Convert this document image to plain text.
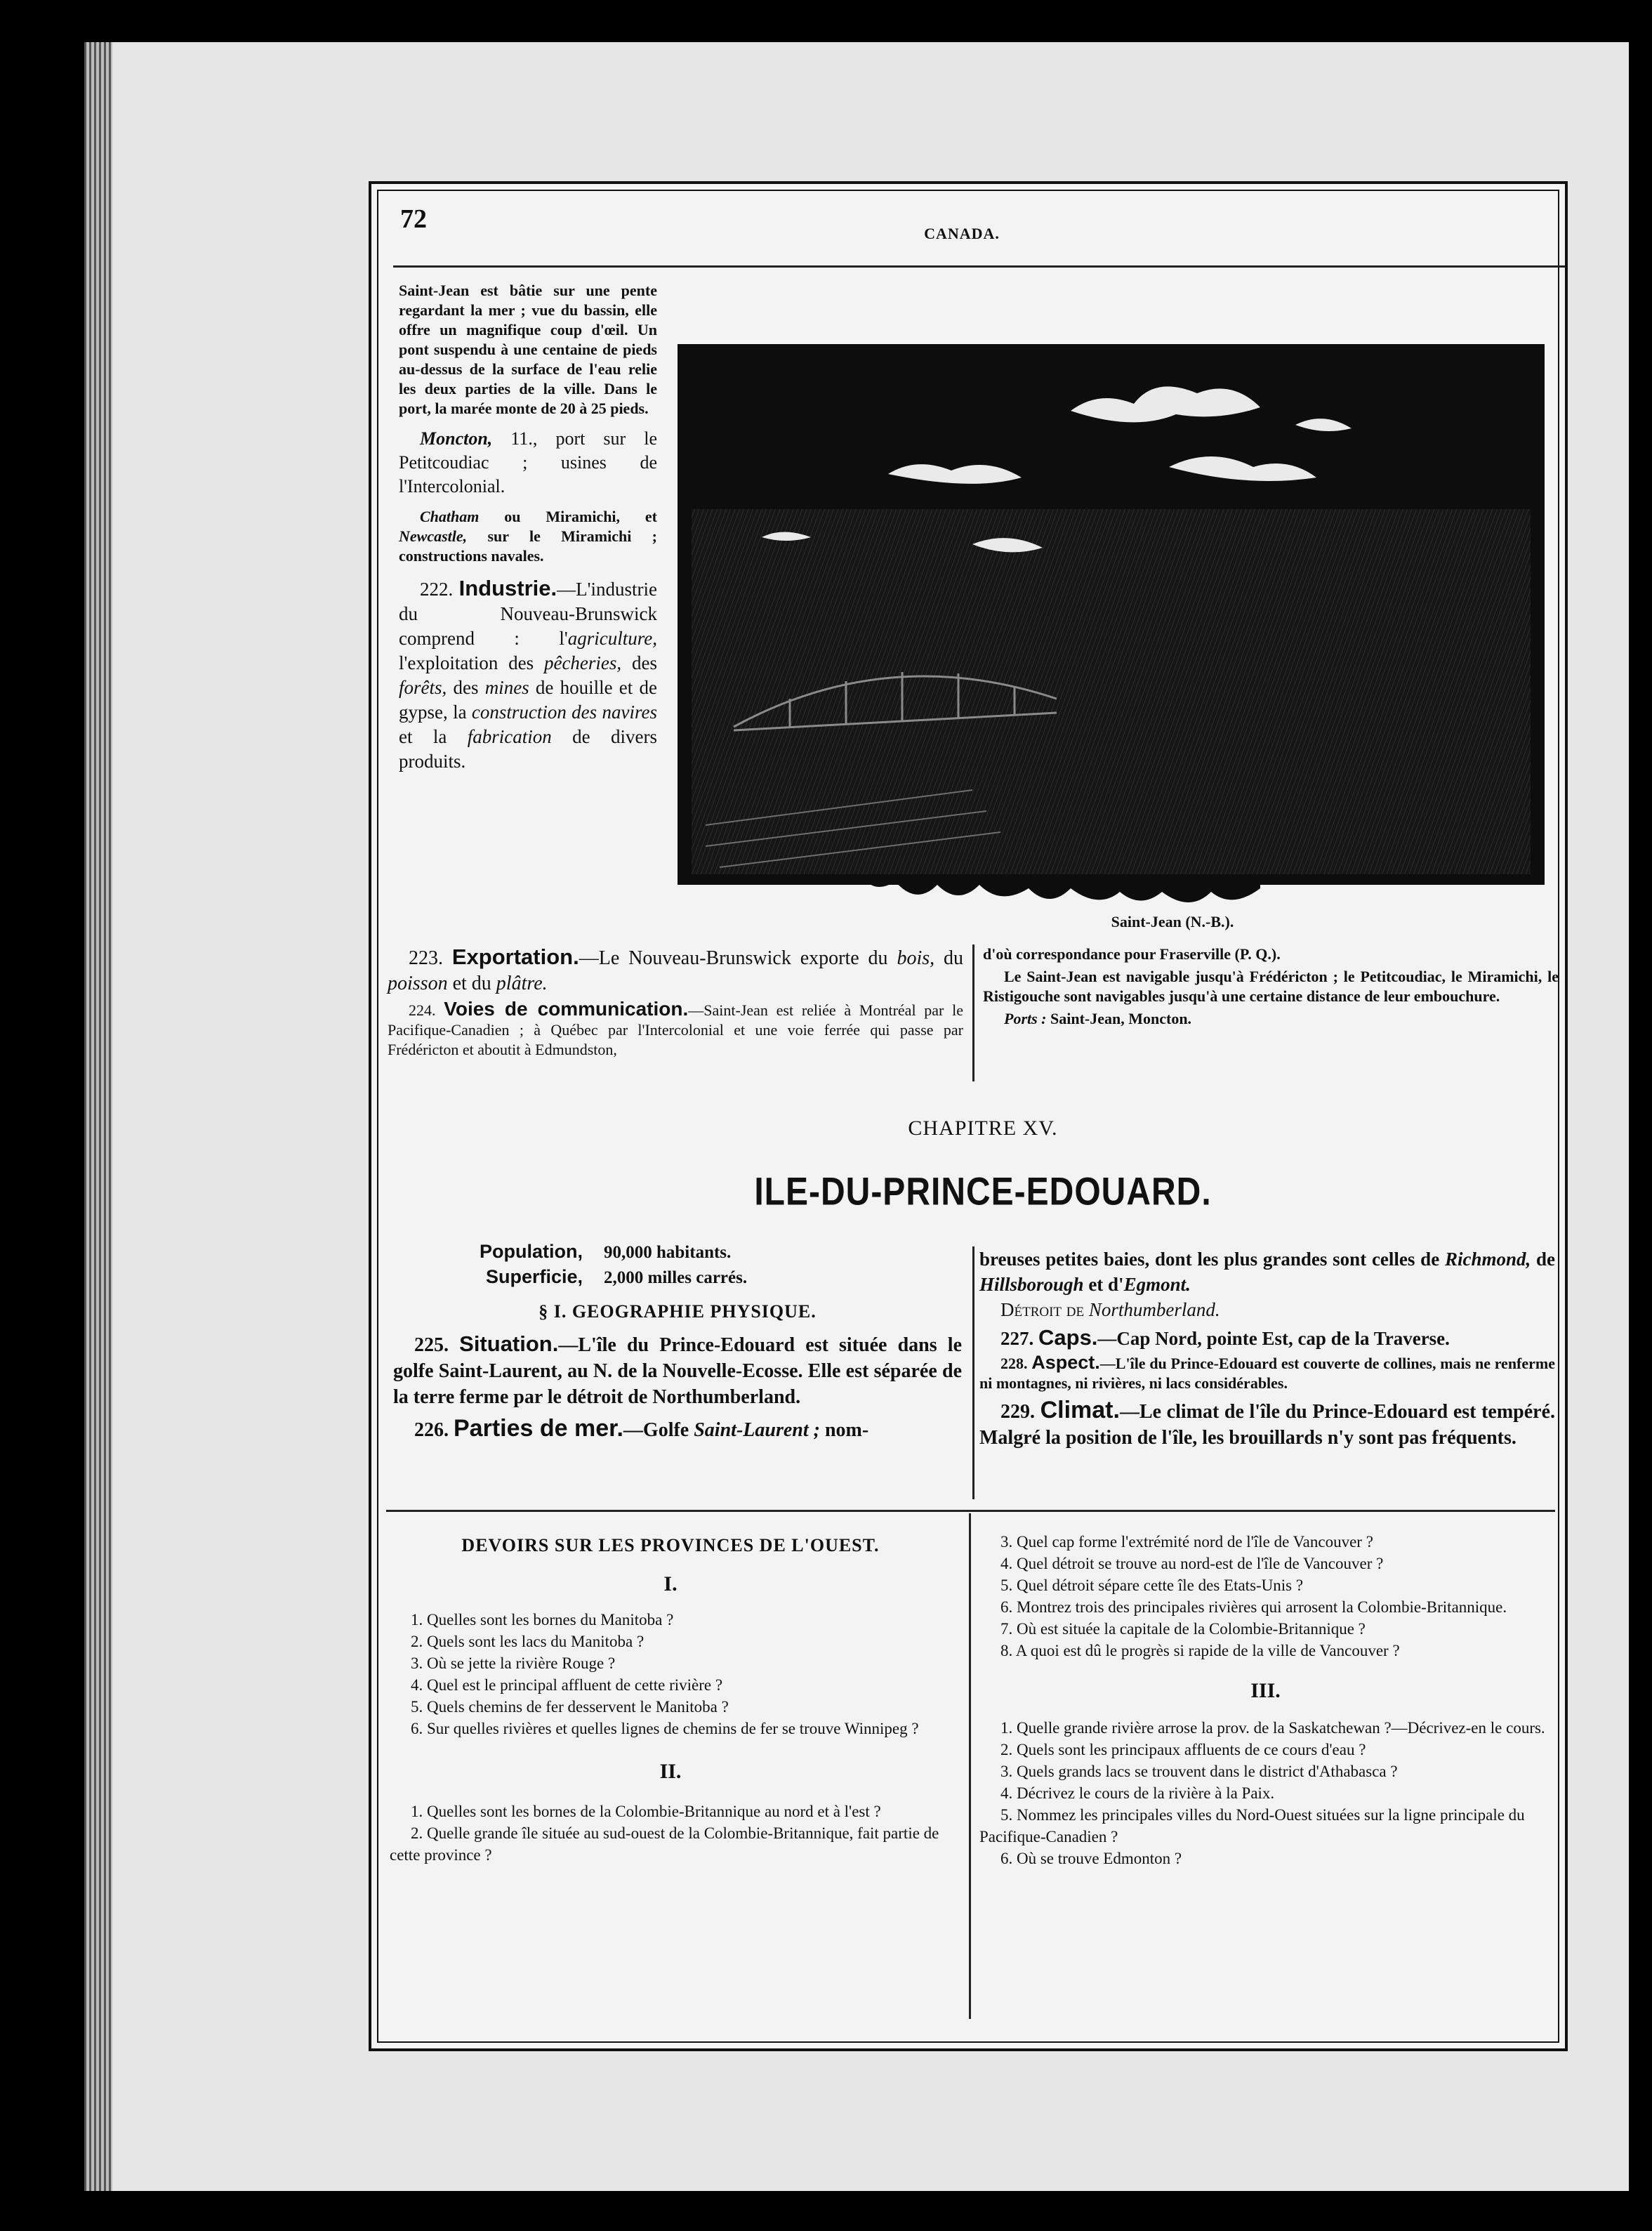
72	CANADA.

Saint-Jean est bâtie sur une pente regardant la mer ; vue du bassin, elle offre un magnifique coup d'œil. Un pont suspendu à une centaine de pieds au-dessus de la surface de l'eau relie les deux parties de la ville. Dans le port, la marée monte de 20 à 25 pieds.

Moncton, 11., port sur le Petitcoudiac ; usines de l'Intercolonial.

Chatham ou Miramichi, et Newcastle, sur le Miramichi ; constructions navales.

222. Industrie.—L'industrie du Nouveau-Brunswick comprend : l'agriculture, l'exploitation des pêcheries, des forêts, des mines de houille et de gypse, la construction des navires et la fabrication de divers produits.

Saint-Jean (N.-B.).

223. Exportation.—Le Nouveau-Brunswick exporte du bois, du poisson et du plâtre.

224. Voies de communication.—Saint-Jean est reliée à Montréal par le Pacifique-Canadien ; à Québec par l'Intercolonial et une voie ferrée qui passe par Frédéricton et aboutit à Edmundston,

d'où correspondance pour Fraserville (P. Q.).

Le Saint-Jean est navigable jusqu'à Frédéricton ; le Petitcoudiac, le Miramichi, le Ristigouche sont navigables jusqu'à une certaine distance de leur embouchure.

Ports : Saint-Jean, Moncton.

CHAPITRE XV.
ILE-DU-PRINCE-EDOUARD.
Population, 90,000 habitants.
Superficie, 2,000 milles carrés.
§ I. GEOGRAPHIE PHYSIQUE.

225. Situation.—L'île du Prince-Edouard est située dans le golfe Saint-Laurent, au N. de la Nouvelle-Ecosse. Elle est séparée de la terre ferme par le détroit de Northumberland.

226. Parties de mer.—Golfe Saint-Laurent ; nom-

breuses petites baies, dont les plus grandes sont celles de Richmond, de Hillsborough et d'Egmont.

Détroit de Northumberland.

227. Caps.—Cap Nord, pointe Est, cap de la Traverse.

228. Aspect.—L'île du Prince-Edouard est couverte de collines, mais ne renferme ni montagnes, ni rivières, ni lacs considérables.

229. Climat.—Le climat de l'île du Prince-Edouard est tempéré. Malgré la position de l'île, les brouillards n'y sont pas fréquents.

DEVOIRS SUR LES PROVINCES DE L'OUEST.
I.

1. Quelles sont les bornes du Manitoba ?

2. Quels sont les lacs du Manitoba ?

3. Où se jette la rivière Rouge ?

4. Quel est le principal affluent de cette rivière ?

5. Quels chemins de fer desservent le Manitoba ?

6. Sur quelles rivières et quelles lignes de chemins de fer se trouve Winnipeg ?

II.

1. Quelles sont les bornes de la Colombie-Britannique au nord et à l'est ?

2. Quelle grande île située au sud-ouest de la Colombie-Britannique, fait partie de cette province ?

3. Quel cap forme l'extrémité nord de l'île de Vancouver ?

4. Quel détroit se trouve au nord-est de l'île de Vancouver ?

5. Quel détroit sépare cette île des Etats-Unis ?

6. Montrez trois des principales rivières qui arrosent la Colombie-Britannique.

7. Où est située la capitale de la Colombie-Britannique ?

8. A quoi est dû le progrès si rapide de la ville de Vancouver ?

III.

1. Quelle grande rivière arrose la prov. de la Saskatchewan ?—Décrivez-en le cours.

2. Quels sont les principaux affluents de ce cours d'eau ?

3. Quels grands lacs se trouvent dans le district d'Athabasca ?

4. Décrivez le cours de la rivière à la Paix.

5. Nommez les principales villes du Nord-Ouest situées sur la ligne principale du Pacifique-Canadien ?

6. Où se trouve Edmonton ?
